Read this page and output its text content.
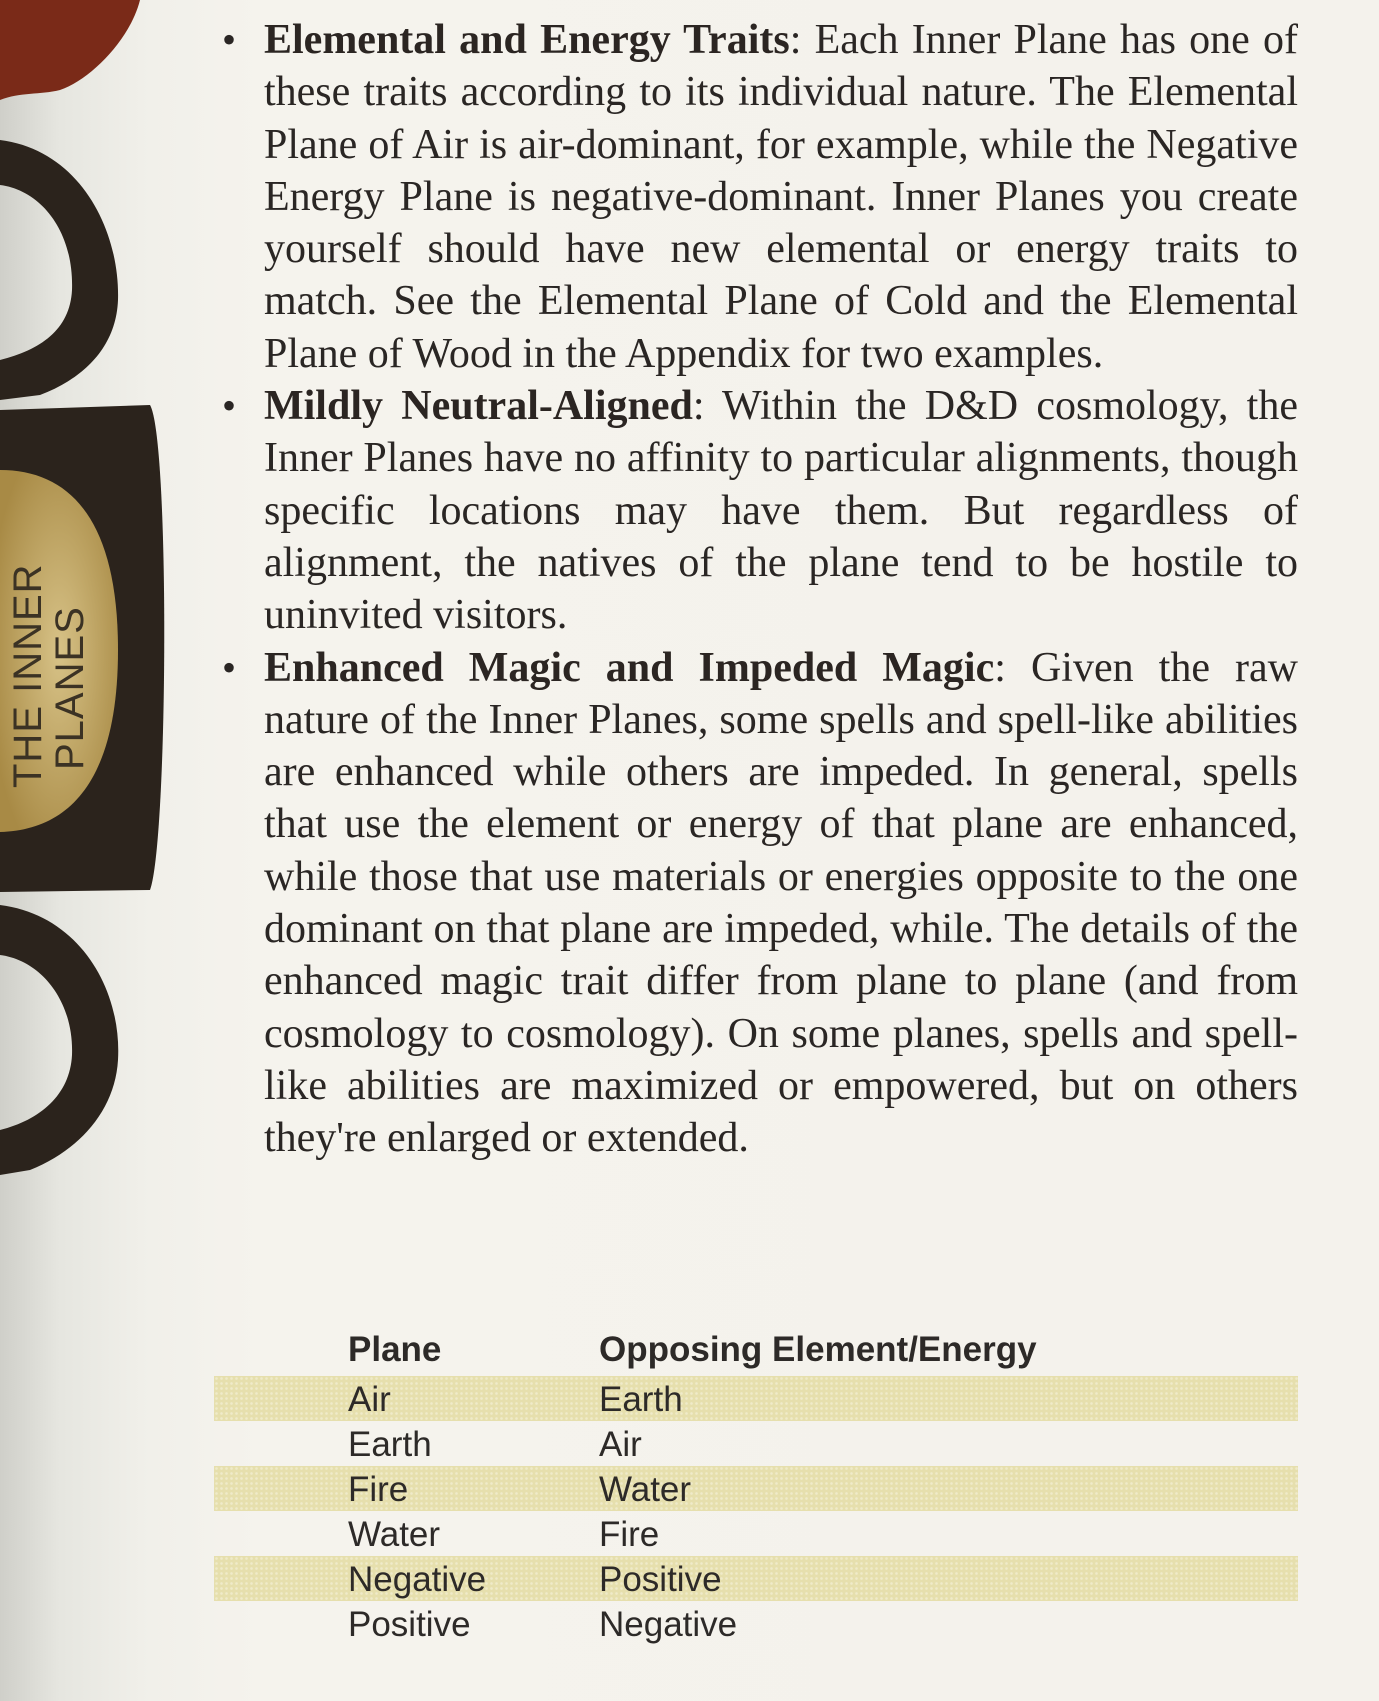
THE INNER
PLANES
• Elemental and Energy Traits: Each Inner Plane has one of these traits according to its individual nature. The Elemental Plane of Air is air-dominant, for example, while the Negative Energy Plane is negative-dominant. Inner Planes you create yourself should have new elemental or energy traits to match. See the Elemental Plane of Cold and the Elemental Plane of Wood in the Appendix for two examples.
• Mildly Neutral-Aligned: Within the D&D cosmology, the Inner Planes have no affinity to particular alignments, though specific locations may have them. But regardless of alignment, the natives of the plane tend to be hostile to uninvited visitors.
• Enhanced Magic and Impeded Magic: Given the raw nature of the Inner Planes, some spells and spell-like abilities are enhanced while others are impeded. In general, spells that use the element or energy of that plane are enhanced, while those that use materials or energies opposite to the one dominant on that plane are impeded, while. The details of the enhanced magic trait differ from plane to plane (and from cosmology to cosmology). On some planes, spells and spell-like abilities are maximized or empowered, but on others they're enlarged or extended.
Plane	Opposing Element/Energy
Air	Earth
Earth	Air
Fire	Water
Water	Fire
Negative	Positive
Positive	Negative
